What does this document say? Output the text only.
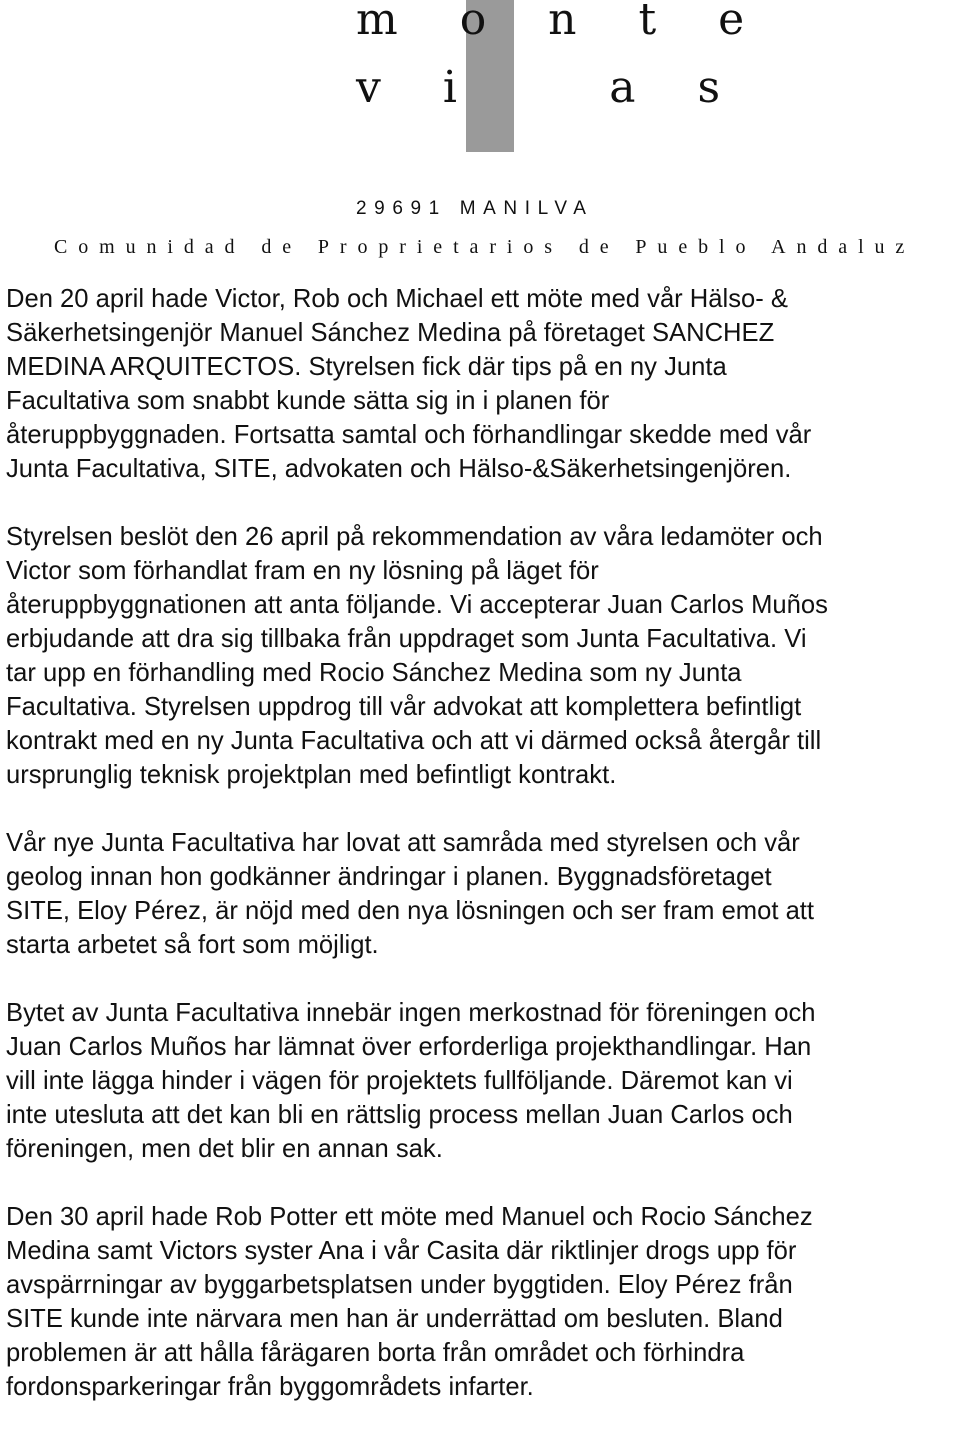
m o n t e
v i ñ a s
29691 MANILVA
Comunidad de Proprietarios de Pueblo Andaluz
Den 20 april hade Victor, Rob och Michael ett möte med vår Hälso- &
Säkerhetsingenjör Manuel Sánchez Medina på företaget SANCHEZ
MEDINA ARQUITECTOS. Styrelsen fick där tips på en ny Junta
Facultativa som snabbt kunde sätta sig in i planen för
återuppbyggnaden. Fortsatta samtal och förhandlingar skedde med vår
Junta Facultativa, SITE, advokaten och Hälso-&Säkerhetsingenjören.
Styrelsen beslöt den 26 april på rekommendation av våra ledamöter och
Victor som förhandlat fram en ny lösning på läget för
återuppbyggnationen att anta följande. Vi accepterar Juan Carlos Muños
erbjudande att dra sig tillbaka från uppdraget som Junta Facultativa. Vi
tar upp en förhandling med Rocio Sánchez Medina som ny Junta
Facultativa. Styrelsen uppdrog till vår advokat att komplettera befintligt
kontrakt med en ny Junta Facultativa och att vi därmed också återgår till
ursprunglig teknisk projektplan med befintligt kontrakt.
Vår nye Junta Facultativa har lovat att samråda med styrelsen och vår
geolog innan hon godkänner ändringar i planen. Byggnadsföretaget
SITE, Eloy Pérez, är nöjd med den nya lösningen och ser fram emot att
starta arbetet så fort som möjligt.
Bytet av Junta Facultativa innebär ingen merkostnad för föreningen och
Juan Carlos Muños har lämnat över erforderliga projekthandlingar. Han
vill inte lägga hinder i vägen för projektets fullföljande. Däremot kan vi
inte utesluta att det kan bli en rättslig process mellan Juan Carlos och
föreningen, men det blir en annan sak.
Den 30 april hade Rob Potter ett möte med Manuel och Rocio Sánchez
Medina samt Victors syster Ana i vår Casita där riktlinjer drogs upp för
avspärrningar av byggarbetsplatsen under byggtiden. Eloy Pérez från
SITE kunde inte närvara men han är underrättad om besluten. Bland
problemen är att hålla fårägaren borta från området och förhindra
fordonsparkeringar från byggområdets infarter.
